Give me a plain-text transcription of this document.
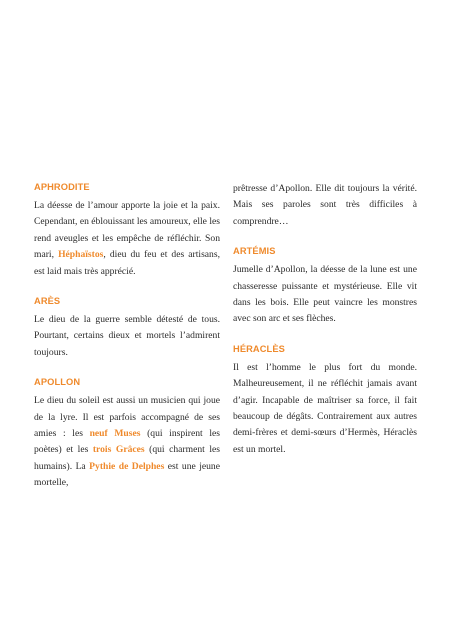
APHRODITE

La déesse de l’amour apporte la joie et la paix. Cependant, en éblouissant les amoureux, elle les rend aveugles et les empêche de réfléchir. Son mari, Héphaïstos, dieu du feu et des artisans, est laid mais très apprécié.

ARÈS

Le dieu de la guerre semble détesté de tous. Pourtant, certains dieux et mortels l’admirent toujours.

APOLLON

Le dieu du soleil est aussi un musicien qui joue de la lyre. Il est parfois accompagné de ses amies : les neuf Muses (qui inspirent les poètes) et les trois Grâces (qui charment les humains). La Pythie de Delphes est une jeune mortelle,

prêtresse d’Apollon. Elle dit toujours la vérité. Mais ses paroles sont très difficiles à comprendre…

ARTÉMIS

Jumelle d’Apollon, la déesse de la lune est une chasseresse puissante et mystérieuse. Elle vit dans les bois. Elle peut vaincre les monstres avec son arc et ses flèches.

HÉRACLÈS

Il est l’homme le plus fort du monde. Malheureusement, il ne réfléchit jamais avant d’agir. Incapable de maîtriser sa force, il fait beaucoup de dégâts. Contrairement aux autres demi-frères et demi-sœurs d’Hermès, Héraclès est un mortel.
